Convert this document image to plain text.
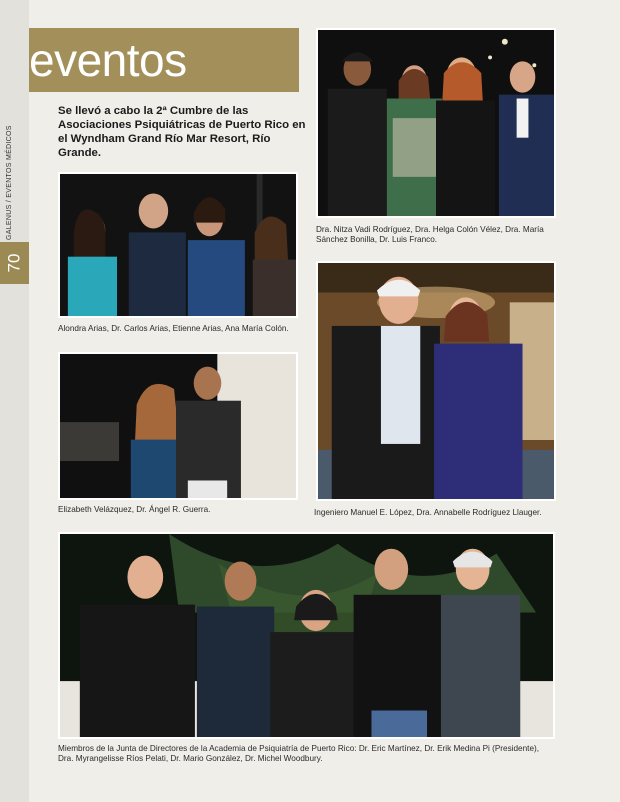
GALENUS / EVENTOS MÉDICOS
70
eventos
Se llevó a cabo la 2ª Cumbre de las Asociaciones Psiquiátricas de Puerto Rico en el Wyndham Grand Río Mar Resort, Río Grande.
Alondra Arias, Dr. Carlos Arias, Etienne Arias, Ana María Colón.
Elizabeth Velázquez, Dr. Ángel R. Guerra.
Dra. Nitza Vadi Rodríguez, Dra. Helga Colón Vélez, Dra. María Sánchez Bonilla, Dr. Luis Franco.
Ingeniero Manuel E. López, Dra. Annabelle Rodríguez Llauger.
Miembros de la Junta de Directores de la Academia de Psiquiatría de Puerto Rico: Dr. Eric Martínez, Dr. Erik Medina Pi (Presidente), Dra. Myrangelisse Ríos Pelati, Dr. Mario González, Dr. Michel Woodbury.
